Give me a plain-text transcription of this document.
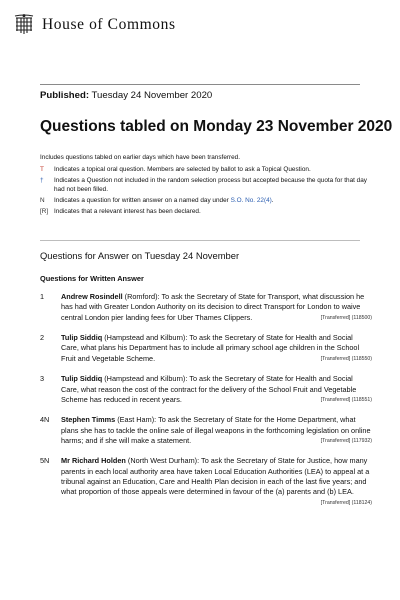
House of Commons
Published: Tuesday 24 November 2020
Questions tabled on Monday 23 November 2020
Includes questions tabled on earlier days which have been transferred.
T	Indicates a topical oral question. Members are selected by ballot to ask a Topical Question.
†	Indicates a Question not included in the random selection process but accepted because the quota for that day had not been filled.
N	Indicates a question for written answer on a named day under S.O. No. 22(4).
[R] Indicates that a relevant interest has been declared.
Questions for Answer on Tuesday 24 November
Questions for Written Answer
1	Andrew Rosindell (Romford): To ask the Secretary of State for Transport, what discussion he has had with Greater London Authority on its decision to direct Transport for London to waive central London pier landing fees for Uber Thames Clippers.	[Transferred] (118500)
2	Tulip Siddiq (Hampstead and Kilburn): To ask the Secretary of State for Health and Social Care, what plans his Department has to include all primary school age children in the School Fruit and Vegetable Scheme.	[Transferred] (118550)
3	Tulip Siddiq (Hampstead and Kilburn): To ask the Secretary of State for Health and Social Care, what reason the cost of the contract for the delivery of the School Fruit and Vegetable Scheme has reduced in recent years.	[Transferred] (118551)
4N	Stephen Timms (East Ham): To ask the Secretary of State for the Home Department, what plans she has to tackle the online sale of illegal weapons in the forthcoming legislation on online harms; and if she will make a statement.	[Transferred] (117932)
5N	Mr Richard Holden (North West Durham): To ask the Secretary of State for Justice, how many parents in each local authority area have taken Local Education Authorities (LEA) to appeal at a tribunal against an Education, Care and Health Plan decision in each of the last five years; and what proportion of those appeals were determined in favour of the (a) parents and (b) LEA.
[Transferred] (118124)
